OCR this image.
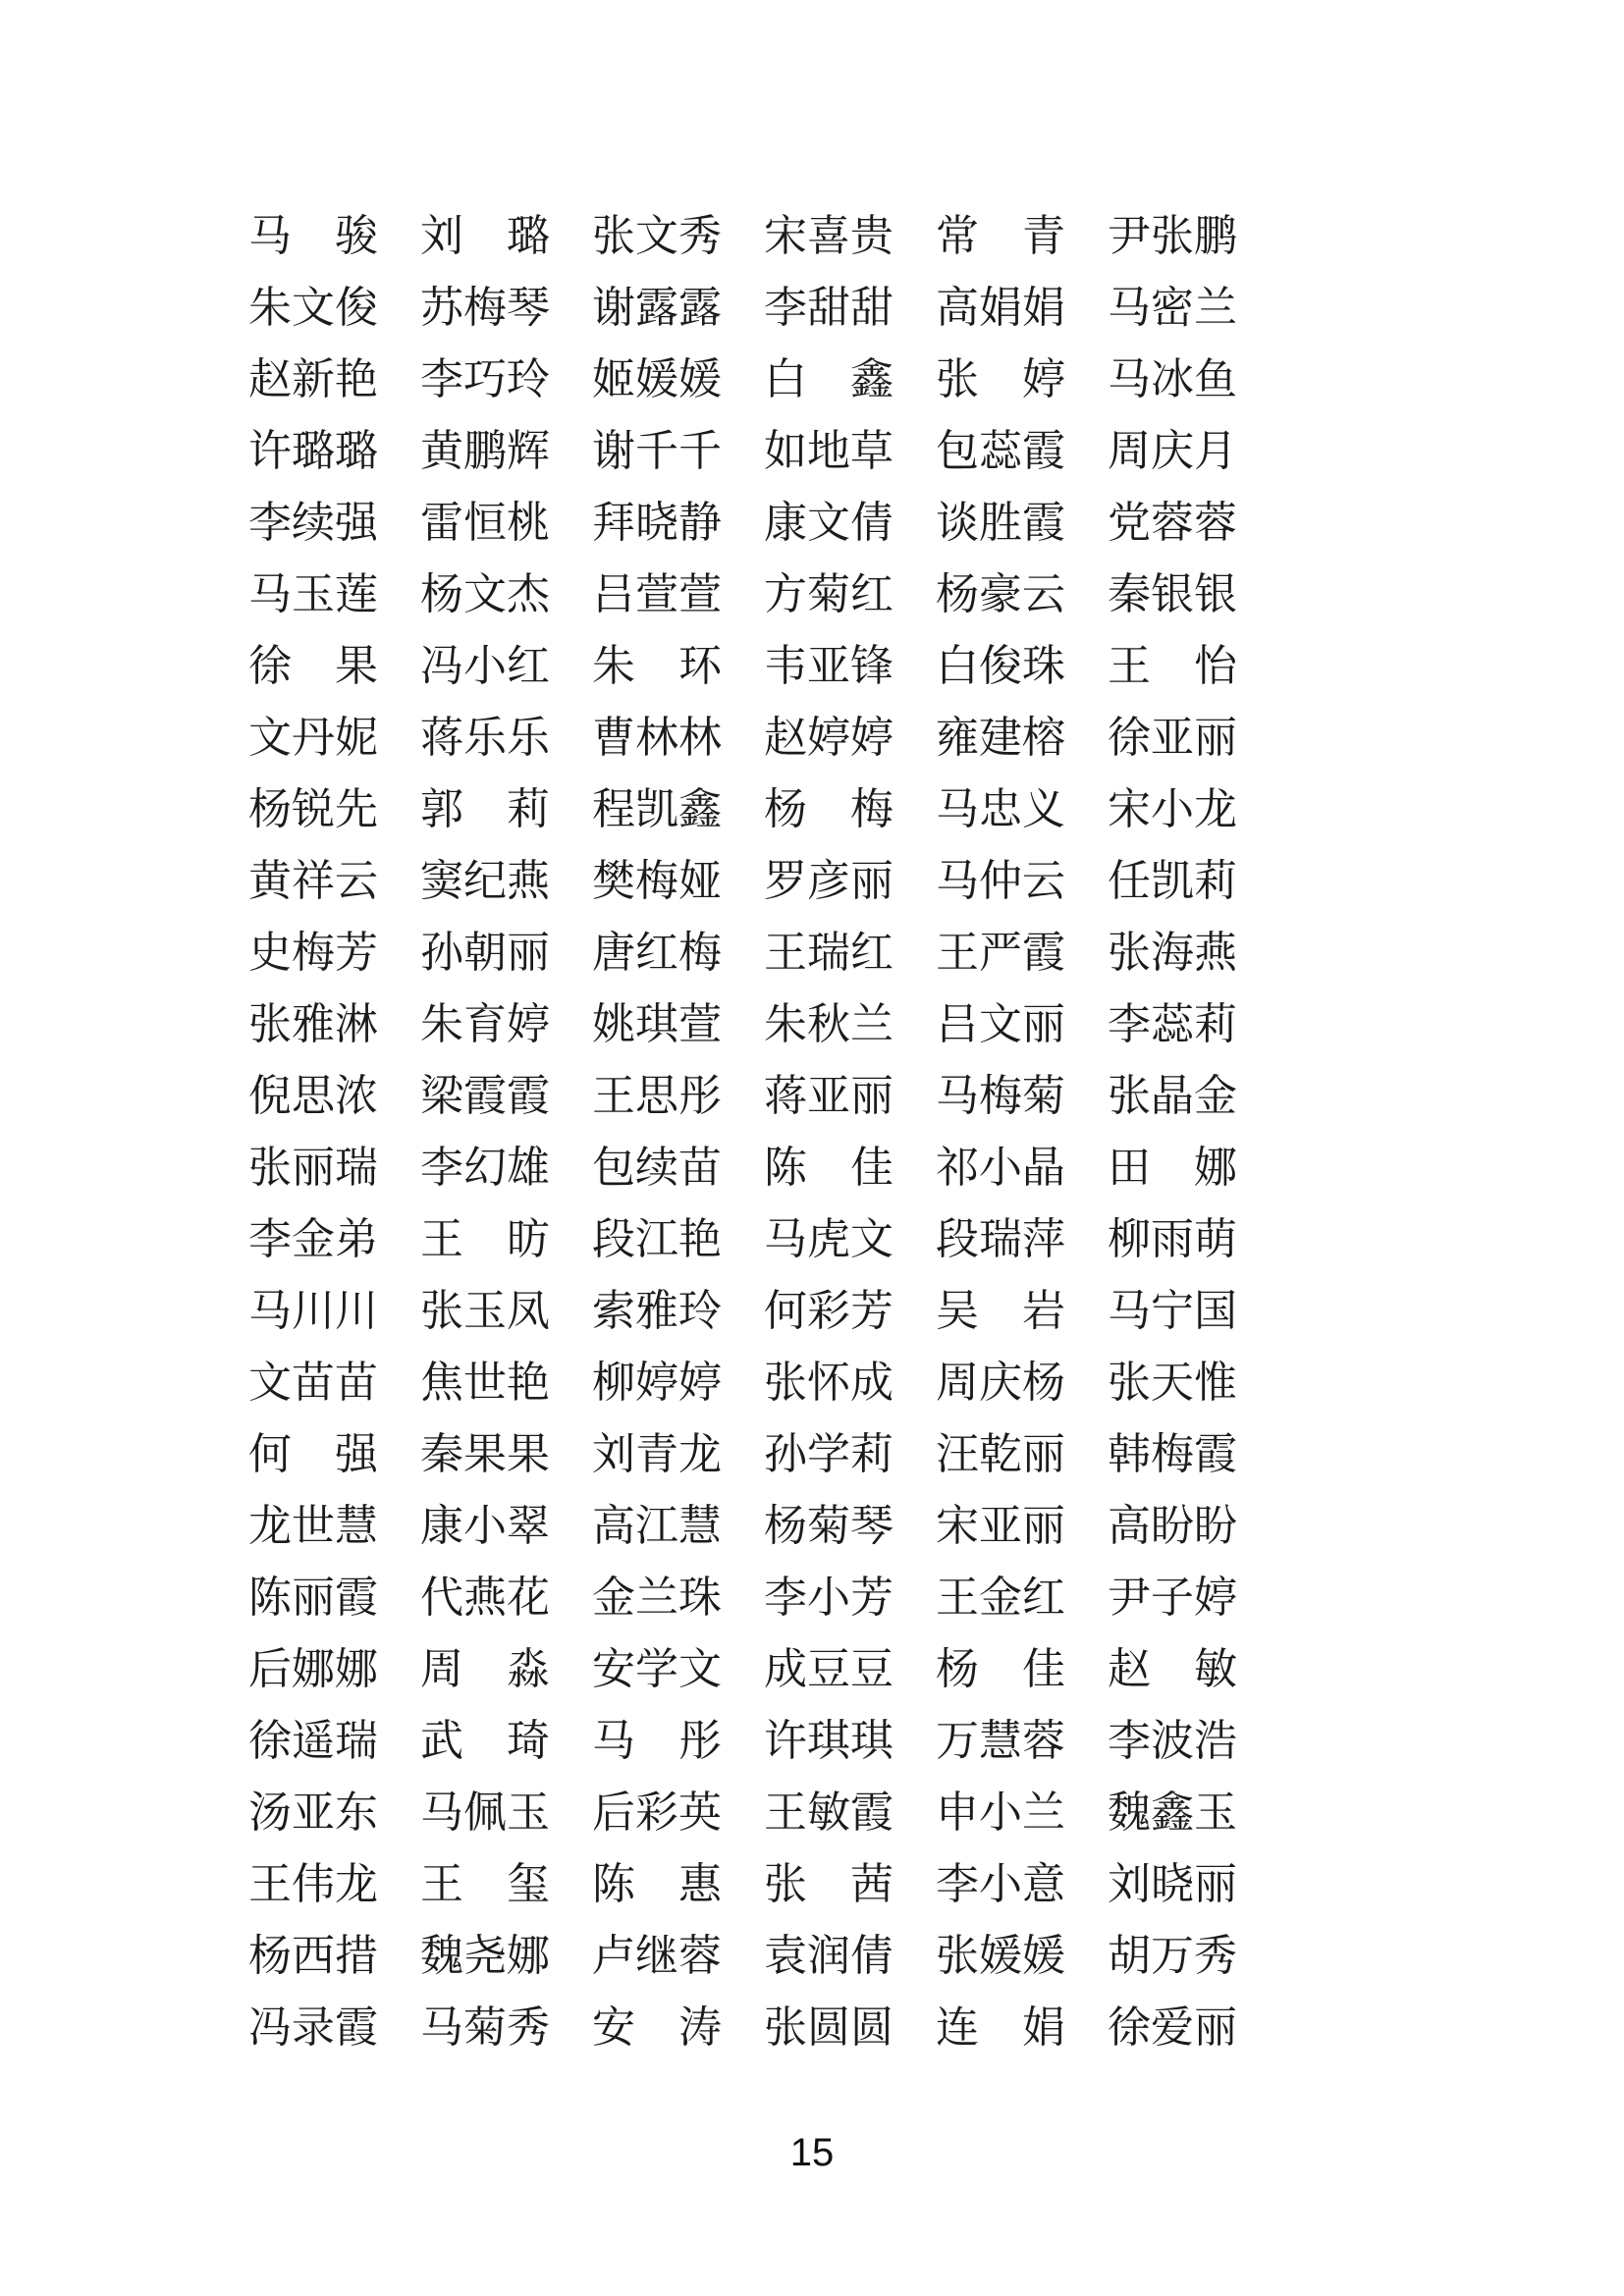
马 骏 刘 璐 张 文 秀 宋 喜 贵 常 青 尹 张 鹏
朱 文 俊 苏 梅 琴 谢 露 露 李 甜 甜 高 娟 娟 马 密 兰
赵 新 艳 李 巧 玲 姬 媛 媛 白 鑫 张 婷 马 冰 鱼
许 璐 璐 黄 鹏 辉 谢 千 千 如 地 草 包 蕊 霞 周 庆 月
李 续 强 雷 恒 桃 拜 晓 静 康 文 倩 谈 胜 霞 党 蓉 蓉
马 玉 莲 杨 文 杰 吕 萱 萱 方 菊 红 杨 豪 云 秦 银 银
徐 果 冯 小 红 朱 环 韦 亚 锋 白 俊 珠 王 怡
文 丹 妮 蒋 乐 乐 曹 林 林 赵 婷 婷 雍 建 榕 徐 亚 丽
杨 锐 先 郭 莉 程 凯 鑫 杨 梅 马 忠 义 宋 小 龙
黄 祥 云 窦 纪 燕 樊 梅 娅 罗 彦 丽 马 仲 云 任 凯 莉
史 梅 芳 孙 朝 丽 唐 红 梅 王 瑞 红 王 严 霞 张 海 燕
张 雅 淋 朱 育 婷 姚 琪 萱 朱 秋 兰 吕 文 丽 李 蕊 莉
倪 思 浓 梁 霞 霞 王 思 彤 蒋 亚 丽 马 梅 菊 张 晶 金
张 丽 瑞 李 幻 雄 包 续 苗 陈 佳 祁 小 晶 田 娜
李 金 弟 王 昉 段 江 艳 马 虎 文 段 瑞 萍 柳 雨 萌
马 川 川 张 玉 凤 索 雅 玲 何 彩 芳 吴 岩 马 宁 国
文 苗 苗 焦 世 艳 柳 婷 婷 张 怀 成 周 庆 杨 张 天 惟
何 强 秦 果 果 刘 青 龙 孙 学 莉 汪 乾 丽 韩 梅 霞
龙 世 慧 康 小 翠 高 江 慧 杨 菊 琴 宋 亚 丽 高 盼 盼
陈 丽 霞 代 燕 花 金 兰 珠 李 小 芳 王 金 红 尹 子 婷
后 娜 娜 周 淼 安 学 文 成 豆 豆 杨 佳 赵 敏
徐 遥 瑞 武 琦 马 彤 许 琪 琪 万 慧 蓉 李 波 浩
汤 亚 东 马 佩 玉 后 彩 英 王 敏 霞 申 小 兰 魏 鑫 玉
王 伟 龙 王 玺 陈 惠 张 茜 李 小 意 刘 晓 丽
杨 西 措 魏 尧 娜 卢 继 蓉 袁 润 倩 张 媛 媛 胡 万 秀
冯 录 霞 马 菊 秀 安 涛 张 圆 圆 连 娟 徐 爱 丽
15
